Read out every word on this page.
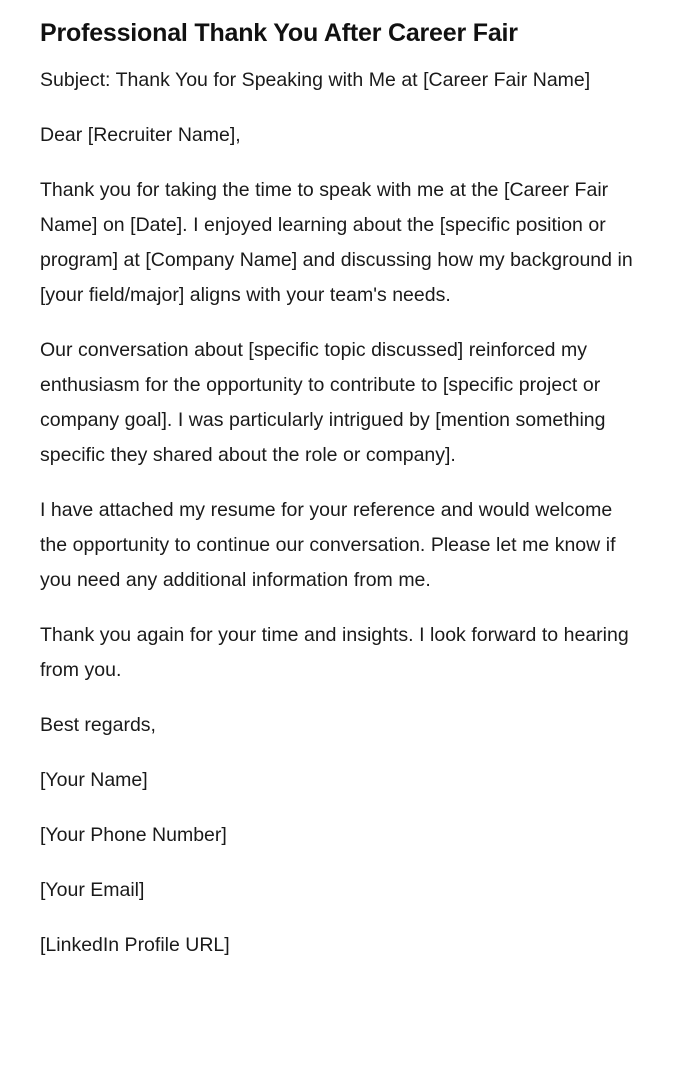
Professional Thank You After Career Fair

Subject: Thank You for Speaking with Me at [Career Fair Name]

Dear [Recruiter Name],

Thank you for taking the time to speak with me at the [Career Fair Name] on [Date]. I enjoyed learning about the [specific position or program] at [Company Name] and discussing how my background in [your field/major] aligns with your team's needs.

Our conversation about [specific topic discussed] reinforced my enthusiasm for the opportunity to contribute to [specific project or company goal]. I was particularly intrigued by [mention something specific they shared about the role or company].

I have attached my resume for your reference and would welcome the opportunity to continue our conversation. Please let me know if you need any additional information from me.

Thank you again for your time and insights. I look forward to hearing from you.

Best regards,

[Your Name]

[Your Phone Number]

[Your Email]

[LinkedIn Profile URL]
